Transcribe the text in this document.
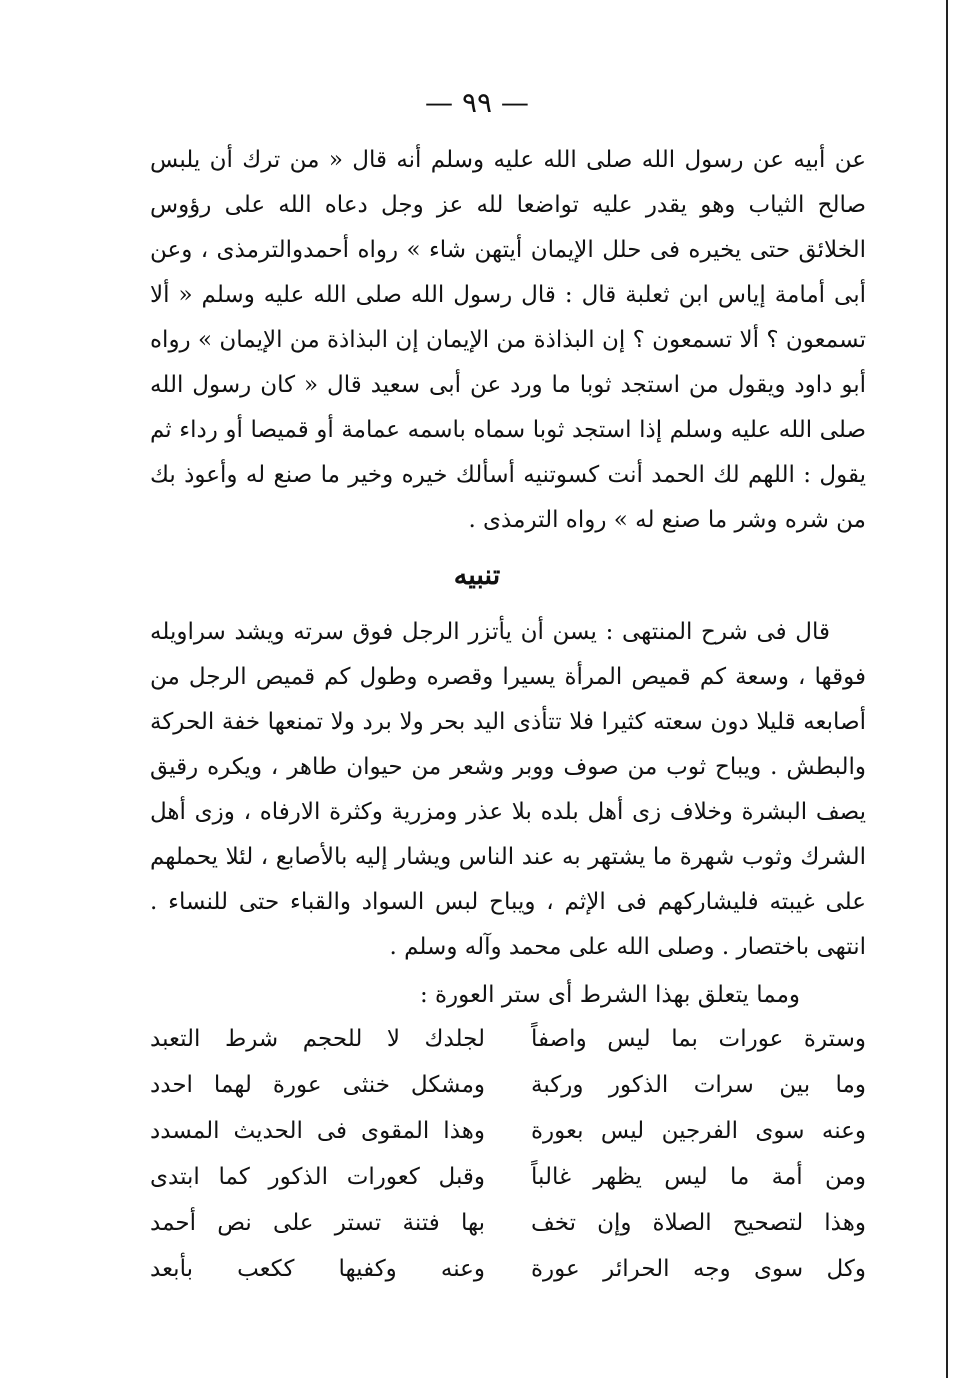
— ٩٩ —
عن أبيه عن رسول الله صلى الله عليه وسلم أنه قال « من ترك أن يلبس صالح الثياب وهو يقدر عليه تواضعا لله عز وجل دعاه الله على رؤوس الخلائق حتى يخيره فى حلل الإيمان أيتهن شاء » رواه أحمدوالترمذى ، وعن أبى أمامة إياس ابن ثعلبة قال : قال رسول الله صلى الله عليه وسلم « ألا تسمعون ؟ ألا تسمعون ؟ إن البذاذة من الإيمان إن البذاذة من الإيمان » رواه أبو داود ويقول من استجد ثوبا ما ورد عن أبى سعيد قال « كان رسول الله صلى الله عليه وسلم إذا استجد ثوبا سماه باسمه عمامة أو قميصا أو رداء ثم يقول : اللهم لك الحمد أنت كسوتنيه أسألك خيره وخير ما صنع له وأعوذ بك من شره وشر ما صنع له » رواه الترمذى .
تنبيه
قال فى شرح المنتهى : يسن أن يأتزر الرجل فوق سرته ويشد سراويله فوقها ، وسعة كم قميص المرأة يسيرا وقصره وطول كم قميص الرجل من أصابعه قليلا دون سعته كثيرا فلا تتأذى اليد بحر ولا برد ولا تمنعها خفة الحركة والبطش . ويباح ثوب من صوف ووبر وشعر من حيوان طاهر ، ويكره رقيق يصف البشرة وخلاف زى أهل بلده بلا عذر ومزرية وكثرة الارفاه ، وزى أهل الشرك وثوب شهرة ما يشتهر به عند الناس ويشار إليه بالأصابع ، لئلا يحملهم على غيبته فليشاركهم فى الإثم ، ويباح لبس السواد والقباء حتى للنساء . انتهى باختصار . وصلى الله على محمد وآله وسلم .
ومما يتعلق بهذا الشرط أى ستر العورة :
وسترة عورات بما ليس واصفاً
لجلدك لا للحجم شرط التعبد
وما بين سرات الذكور وركبة
ومشكل خنثى عورة لهما احدد
وعنه سوى الفرجين ليس بعورة
وهذا المقوى فى الحديث المسدد
ومن أمة ما ليس يظهر غالباً
وقبل كعورات الذكور كما ابتدى
وهذا لتصحيح الصلاة وإن تخف
بها فتنة تستر على نص أحمد
وكل سوى وجه الحرائر عورة
وعنه وكفيها ككعب بأبعد
